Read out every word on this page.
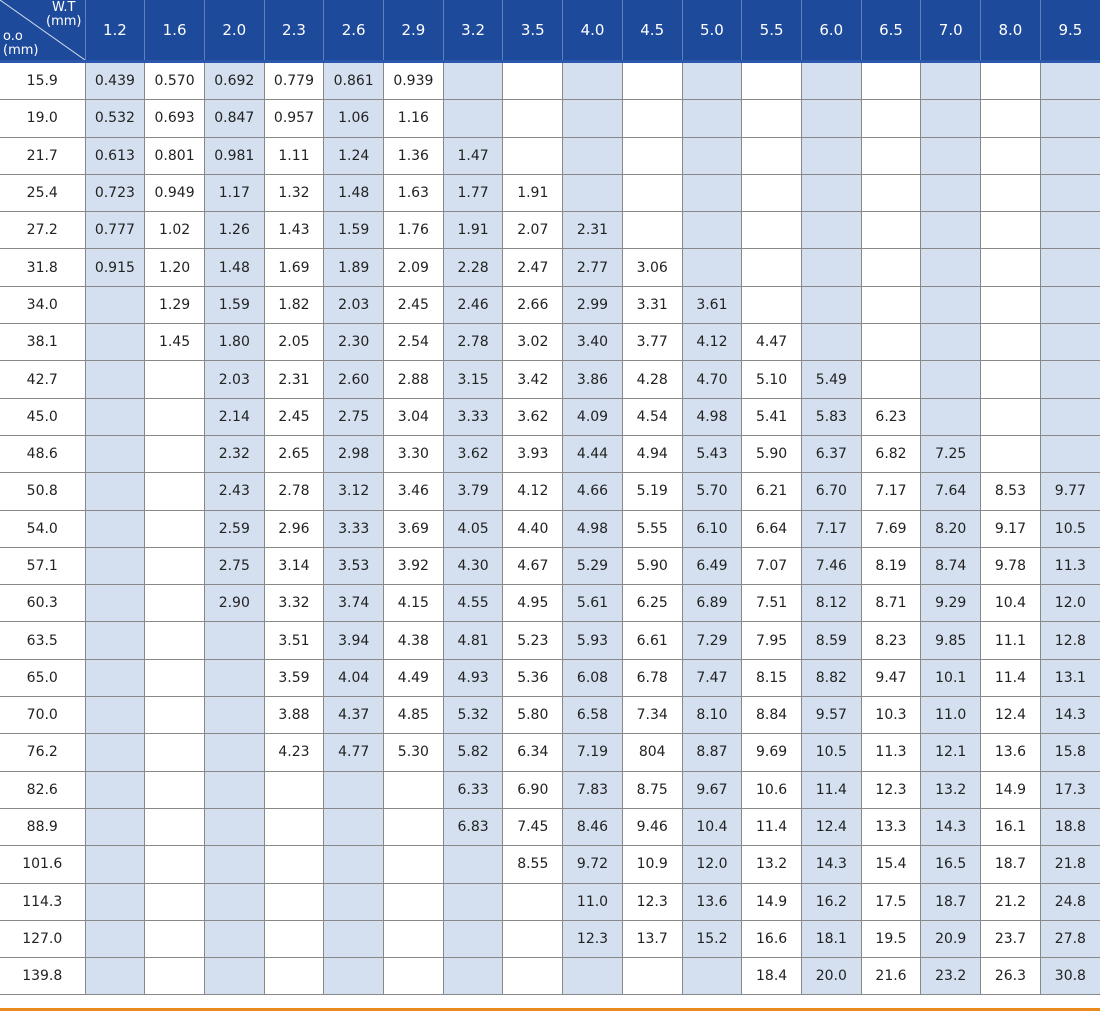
W.T
(mm)
o.o
(mm)	1.2	1.6	2.0	2.3	2.6	2.9	3.2	3.5	4.0	4.5	5.0	5.5	6.0	6.5	7.0	8.0	9.5
15.9	0.439	0.570	0.692	0.779	0.861	0.939											
19.0	0.532	0.693	0.847	0.957	1.06	1.16											
21.7	0.613	0.801	0.981	1.11	1.24	1.36	1.47										
25.4	0.723	0.949	1.17	1.32	1.48	1.63	1.77	1.91									
27.2	0.777	1.02	1.26	1.43	1.59	1.76	1.91	2.07	2.31								
31.8	0.915	1.20	1.48	1.69	1.89	2.09	2.28	2.47	2.77	3.06							
34.0		1.29	1.59	1.82	2.03	2.45	2.46	2.66	2.99	3.31	3.61						
38.1		1.45	1.80	2.05	2.30	2.54	2.78	3.02	3.40	3.77	4.12	4.47					
42.7			2.03	2.31	2.60	2.88	3.15	3.42	3.86	4.28	4.70	5.10	5.49				
45.0			2.14	2.45	2.75	3.04	3.33	3.62	4.09	4.54	4.98	5.41	5.83	6.23			
48.6			2.32	2.65	2.98	3.30	3.62	3.93	4.44	4.94	5.43	5.90	6.37	6.82	7.25		
50.8			2.43	2.78	3.12	3.46	3.79	4.12	4.66	5.19	5.70	6.21	6.70	7.17	7.64	8.53	9.77
54.0			2.59	2.96	3.33	3.69	4.05	4.40	4.98	5.55	6.10	6.64	7.17	7.69	8.20	9.17	10.5
57.1			2.75	3.14	3.53	3.92	4.30	4.67	5.29	5.90	6.49	7.07	7.46	8.19	8.74	9.78	11.3
60.3			2.90	3.32	3.74	4.15	4.55	4.95	5.61	6.25	6.89	7.51	8.12	8.71	9.29	10.4	12.0
63.5				3.51	3.94	4.38	4.81	5.23	5.93	6.61	7.29	7.95	8.59	8.23	9.85	11.1	12.8
65.0				3.59	4.04	4.49	4.93	5.36	6.08	6.78	7.47	8.15	8.82	9.47	10.1	11.4	13.1
70.0				3.88	4.37	4.85	5.32	5.80	6.58	7.34	8.10	8.84	9.57	10.3	11.0	12.4	14.3
76.2				4.23	4.77	5.30	5.82	6.34	7.19	804	8.87	9.69	10.5	11.3	12.1	13.6	15.8
82.6							6.33	6.90	7.83	8.75	9.67	10.6	11.4	12.3	13.2	14.9	17.3
88.9							6.83	7.45	8.46	9.46	10.4	11.4	12.4	13.3	14.3	16.1	18.8
101.6								8.55	9.72	10.9	12.0	13.2	14.3	15.4	16.5	18.7	21.8
114.3									11.0	12.3	13.6	14.9	16.2	17.5	18.7	21.2	24.8
127.0									12.3	13.7	15.2	16.6	18.1	19.5	20.9	23.7	27.8
139.8												18.4	20.0	21.6	23.2	26.3	30.8
